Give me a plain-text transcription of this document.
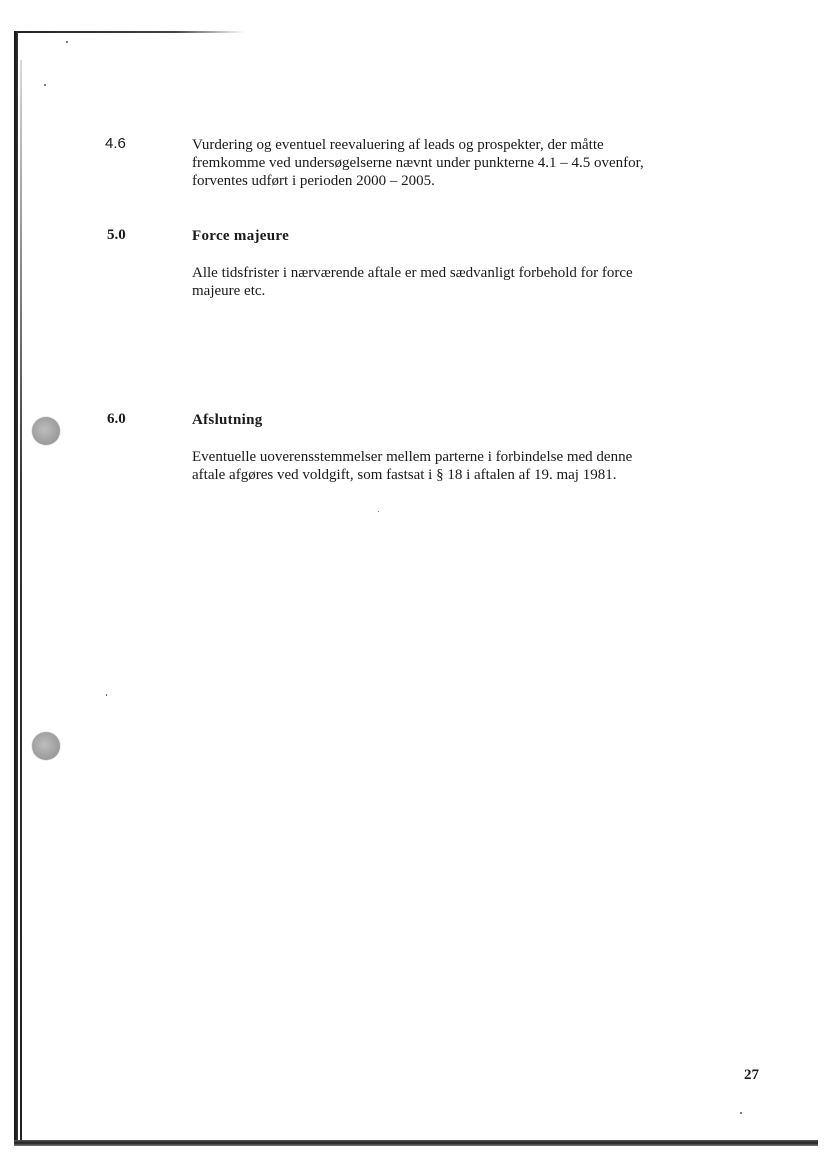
4.6	Vurdering og eventuel reevaluering af leads og prospekter, der måtte
fremkomme ved undersøgelserne nævnt under punkterne 4.1 – 4.5 ovenfor,
forventes udført i perioden 2000 – 2005.
5.0	Force majeure
Alle tidsfrister i nærværende aftale er med sædvanligt forbehold for force
majeure etc.
6.0	Afslutning
Eventuelle uoverensstemmelser mellem parterne i forbindelse med denne
aftale afgøres ved voldgift, som fastsat i § 18 i aftalen af 19. maj 1981.
27
